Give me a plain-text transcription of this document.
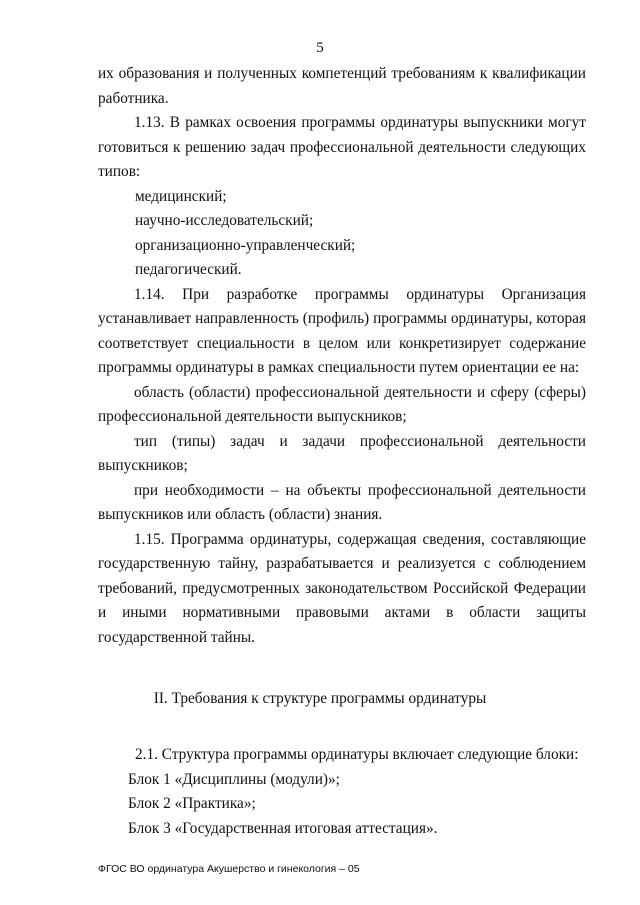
5

их образования и полученных компетенций требованиям к квалификации работника.

1.13. В рамках освоения программы ординатуры выпускники могут готовиться к решению задач профессиональной деятельности следующих типов:

медицинский;

научно-исследовательский;

организационно-управленческий;

педагогический.

1.14. При разработке программы ординатуры Организация устанавливает направленность (профиль) программы ординатуры, которая соответствует специальности в целом или конкретизирует содержание программы ординатуры в рамках специальности путем ориентации ее на:

область (области) профессиональной деятельности и сферу (сферы) профессиональной деятельности выпускников;

тип (типы) задач и задачи профессиональной деятельности выпускников;

при необходимости – на объекты профессиональной деятельности выпускников или область (области) знания.

1.15. Программа ординатуры, содержащая сведения, составляющие государственную тайну, разрабатывается и реализуется с соблюдением требований, предусмотренных законодательством Российской Федерации и иными нормативными правовыми актами в области защиты государственной тайны.

II. Требования к структуре программы ординатуры

2.1. Структура программы ординатуры включает следующие блоки:

Блок 1 «Дисциплины (модули)»;

Блок 2 «Практика»;

Блок 3 «Государственная итоговая аттестация».

ФГОС ВО ординатура Акушерство и гинекология – 05
